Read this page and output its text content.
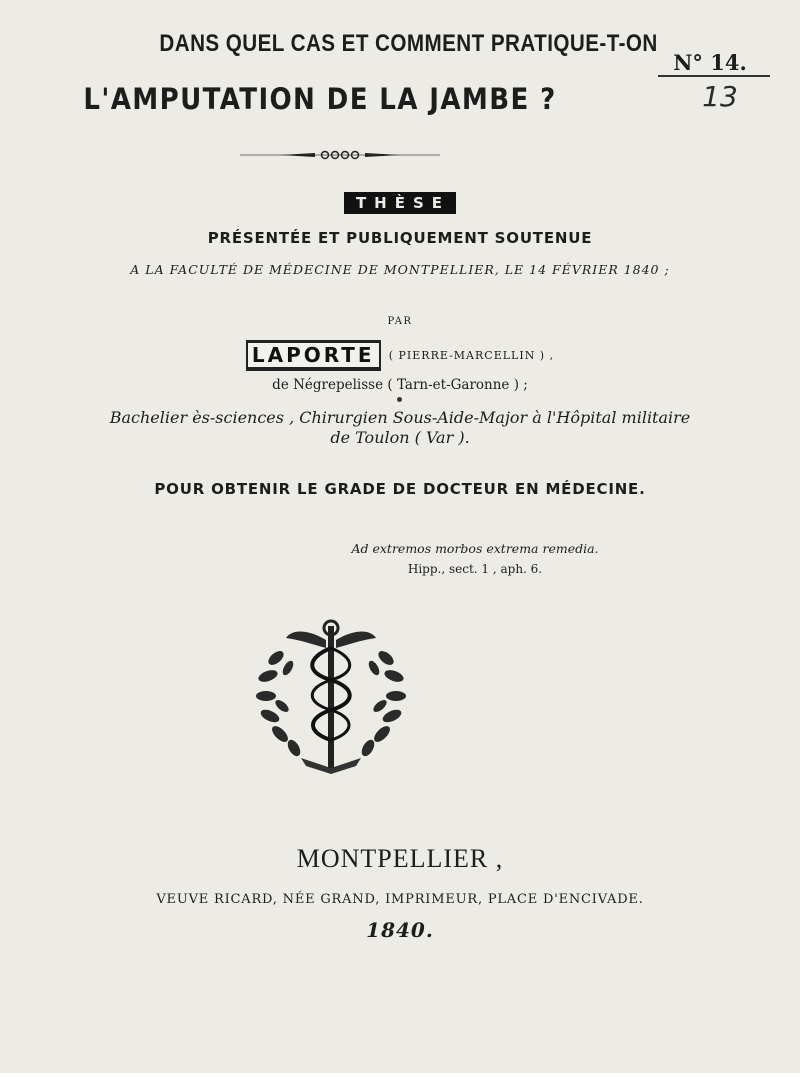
DANS QUEL CAS ET COMMENT PRATIQUE-T-ON
L'AMPUTATION DE LA JAMBE ?
N° 14.
13
THÈSE
PRÉSENTÉE ET PUBLIQUEMENT SOUTENUE
A LA FACULTÉ DE MÉDECINE DE MONTPELLIER, LE 14 FÉVRIER 1840 ;
PAR
LAPORTE ( PIERRE-MARCELLIN ) ,
de Négrepelisse ( Tarn-et-Garonne ) ;
Bachelier ès-sciences , Chirurgien Sous-Aide-Major à l'Hôpital militaire
de Toulon ( Var ).
POUR OBTENIR LE GRADE DE DOCTEUR EN MÉDECINE.
Ad extremos morbos extrema remedia.
Hipp., sect. 1 , aph. 6.
MONTPELLIER ,
VEUVE RICARD, NÉE GRAND, IMPRIMEUR, PLACE D'ENCIVADE.
1840.
